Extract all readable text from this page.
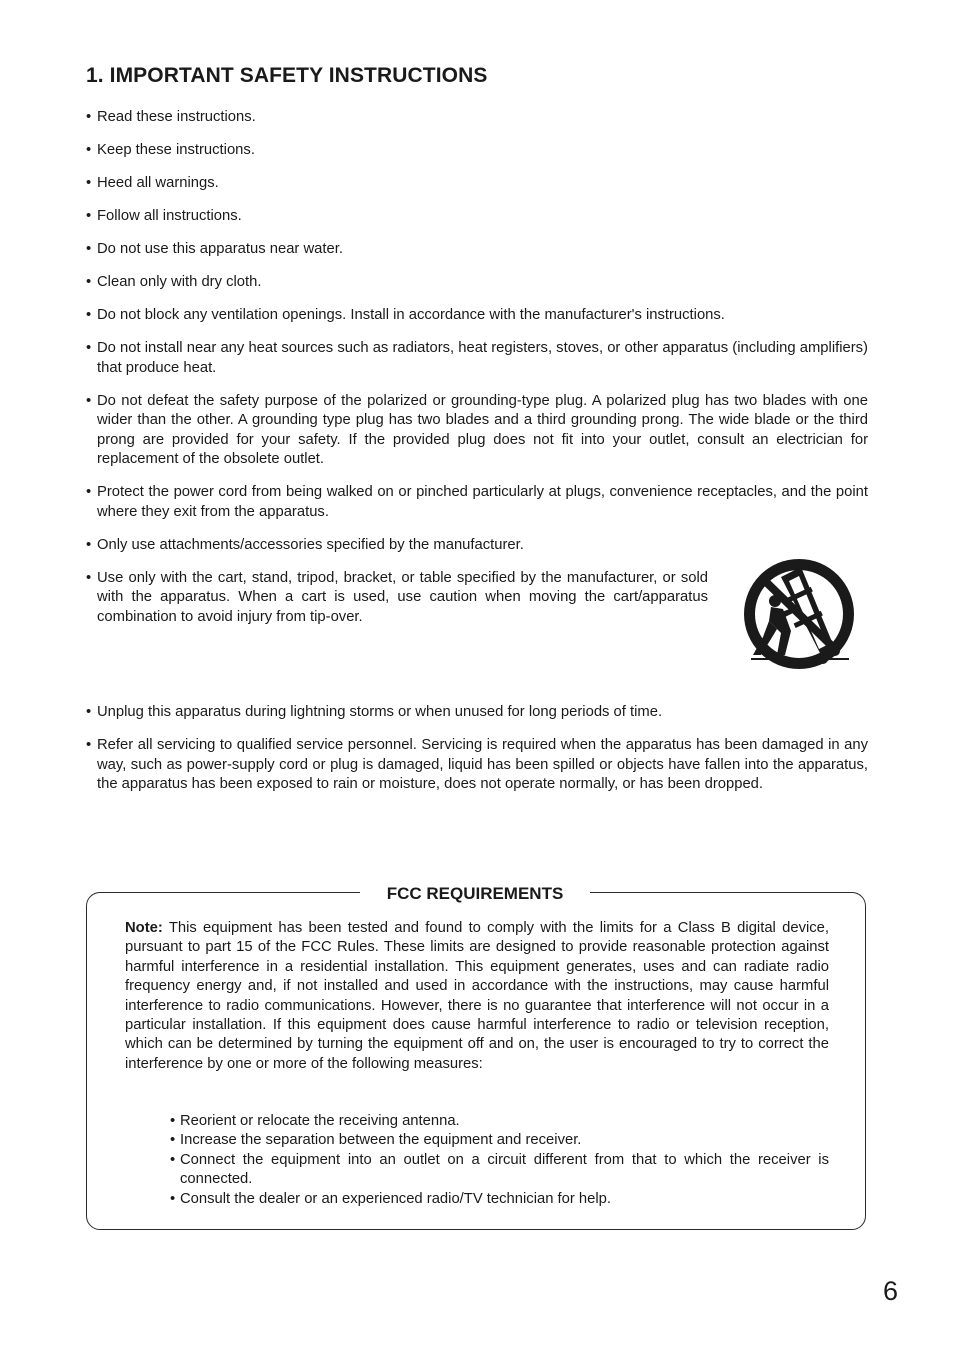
1. IMPORTANT SAFETY INSTRUCTIONS
• Read these instructions.
• Keep these instructions.
• Heed all warnings.
• Follow all instructions.
• Do not use this apparatus near water.
• Clean only with dry cloth.
• Do not block any ventilation openings. Install in accordance with the manufacturer's instructions.
• Do not install near any heat sources such as radiators, heat registers, stoves, or other apparatus (including amplifiers) that produce heat.
• Do not defeat the safety purpose of the polarized or grounding-type plug. A polarized plug has two blades with one wider than the other. A grounding type plug has two blades and a third grounding prong. The wide blade or the third prong are provided for your safety. If the provided plug does not fit into your outlet, consult an electrician for replacement of the obsolete outlet.
• Protect the power cord from being walked on or pinched particularly at plugs, convenience receptacles, and the point where they exit from the apparatus.
• Only use attachments/accessories specified by the manufacturer.
• Use only with the cart, stand, tripod, bracket, or table specified by the manufacturer, or sold with the apparatus. When a cart is used, use caution when moving the cart/apparatus combination to avoid injury from tip-over.
• Unplug this apparatus during lightning storms or when unused for long periods of time.
• Refer all servicing to qualified service personnel. Servicing is required when the apparatus has been damaged in any way, such as power-supply cord or plug is damaged, liquid has been spilled or objects have fallen into the apparatus, the apparatus has been exposed to rain or moisture, does not operate normally, or has been dropped.
FCC REQUIREMENTS

Note: This equipment has been tested and found to comply with the limits for a Class B digital device, pursuant to part 15 of the FCC Rules. These limits are designed to provide reasonable protection against harmful interference in a residential installation. This equipment generates, uses and can radiate radio frequency energy and, if not installed and used in accordance with the instructions, may cause harmful interference to radio communications. However, there is no guarantee that interference will not occur in a particular installation. If this equipment does cause harmful interference to radio or television reception, which can be determined by turning the equipment off and on, the user is encouraged to try to correct the interference by one or more of the following measures:

• Reorient or relocate the receiving antenna.
• Increase the separation between the equipment and receiver.
• Connect the equipment into an outlet on a circuit different from that to which the receiver is connected.
• Consult the dealer or an experienced radio/TV technician for help.
6
